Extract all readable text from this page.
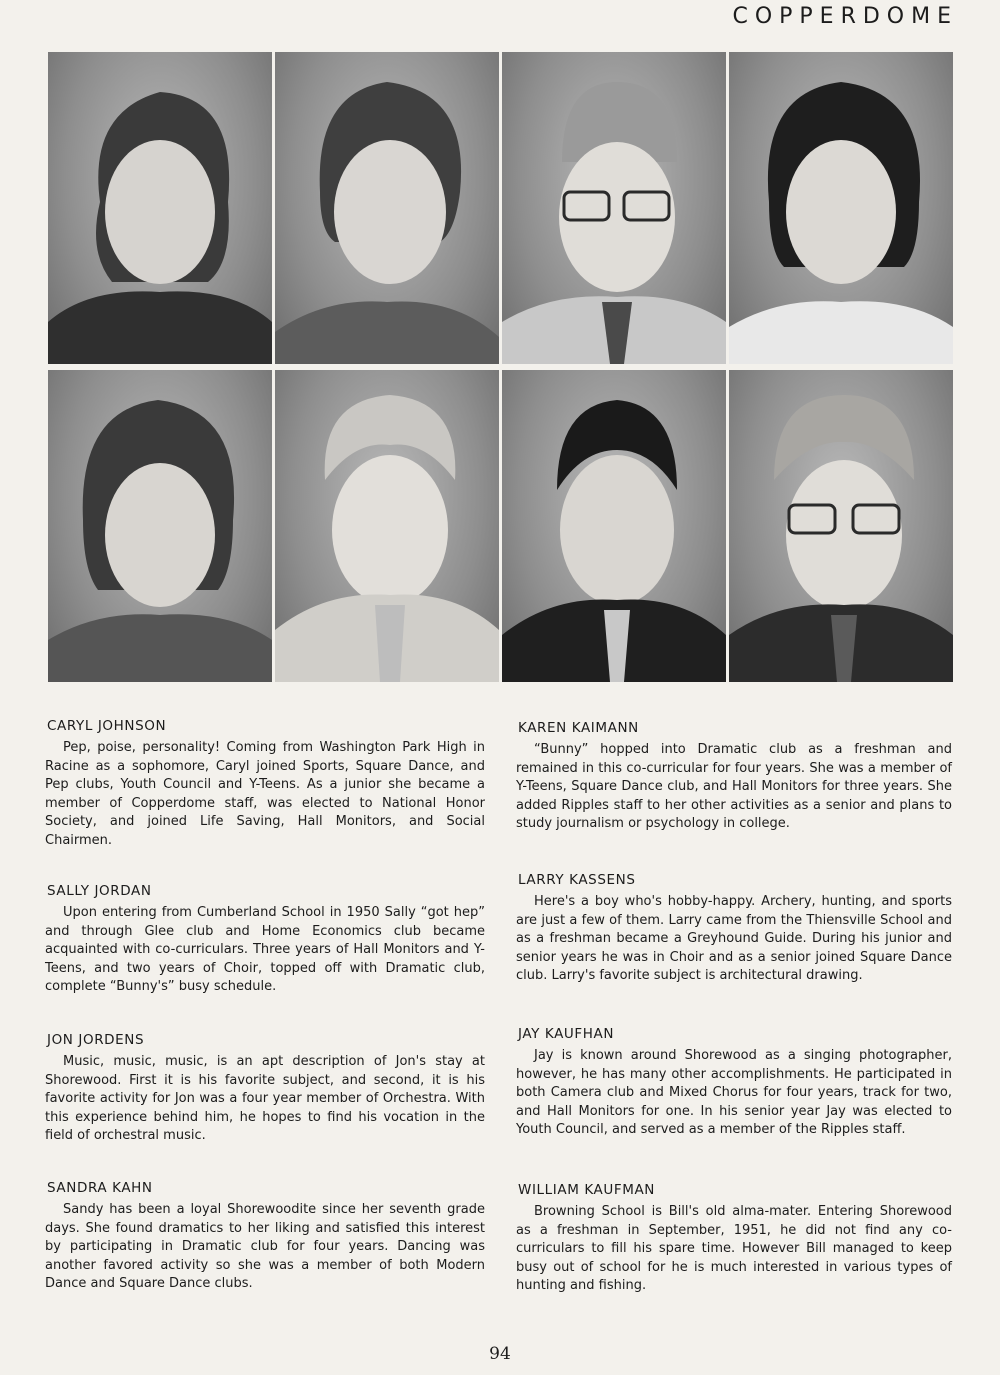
COPPERDOME

CARYL JOHNSON

Pep, poise, personality! Coming from Washington Park High in Racine as a sophomore, Caryl joined Sports, Square Dance, and Pep clubs, Youth Council and Y-Teens. As a junior she became a member of Copperdome staff, was elected to National Honor Society, and joined Life Saving, Hall Monitors, and Social Chairmen.

SALLY JORDAN

Upon entering from Cumberland School in 1950 Sally “got hep” and through Glee club and Home Economics club became acquainted with co-curriculars. Three years of Hall Monitors and Y-Teens, and two years of Choir, topped off with Dramatic club, complete “Bunny's” busy schedule.

JON JORDENS

Music, music, music, is an apt description of Jon's stay at Shorewood. First it is his favorite subject, and second, it is his favorite activity for Jon was a four year member of Orchestra. With this experience behind him, he hopes to find his vocation in the field of orchestral music.

SANDRA KAHN

Sandy has been a loyal Shorewoodite since her seventh grade days. She found dramatics to her liking and satisfied this interest by participating in Dramatic club for four years. Dancing was another favored activity so she was a member of both Modern Dance and Square Dance clubs.

KAREN KAIMANN

“Bunny” hopped into Dramatic club as a freshman and remained in this co-curricular for four years. She was a member of Y-Teens, Square Dance club, and Hall Monitors for three years. She added Ripples staff to her other activities as a senior and plans to study journalism or psychology in college.

LARRY KASSENS

Here's a boy who's hobby-happy. Archery, hunting, and sports are just a few of them. Larry came from the Thiensville School and as a freshman became a Greyhound Guide. During his junior and senior years he was in Choir and as a senior joined Square Dance club. Larry's favorite subject is architectural drawing.

JAY KAUFHAN

Jay is known around Shorewood as a singing photographer, however, he has many other accomplishments. He participated in both Camera club and Mixed Chorus for four years, track for two, and Hall Monitors for one. In his senior year Jay was elected to Youth Council, and served as a member of the Ripples staff.

WILLIAM KAUFMAN

Browning School is Bill's old alma-mater. Entering Shorewood as a freshman in September, 1951, he did not find any co-curriculars to fill his spare time. However Bill managed to keep busy out of school for he is much interested in various types of hunting and fishing.

94
